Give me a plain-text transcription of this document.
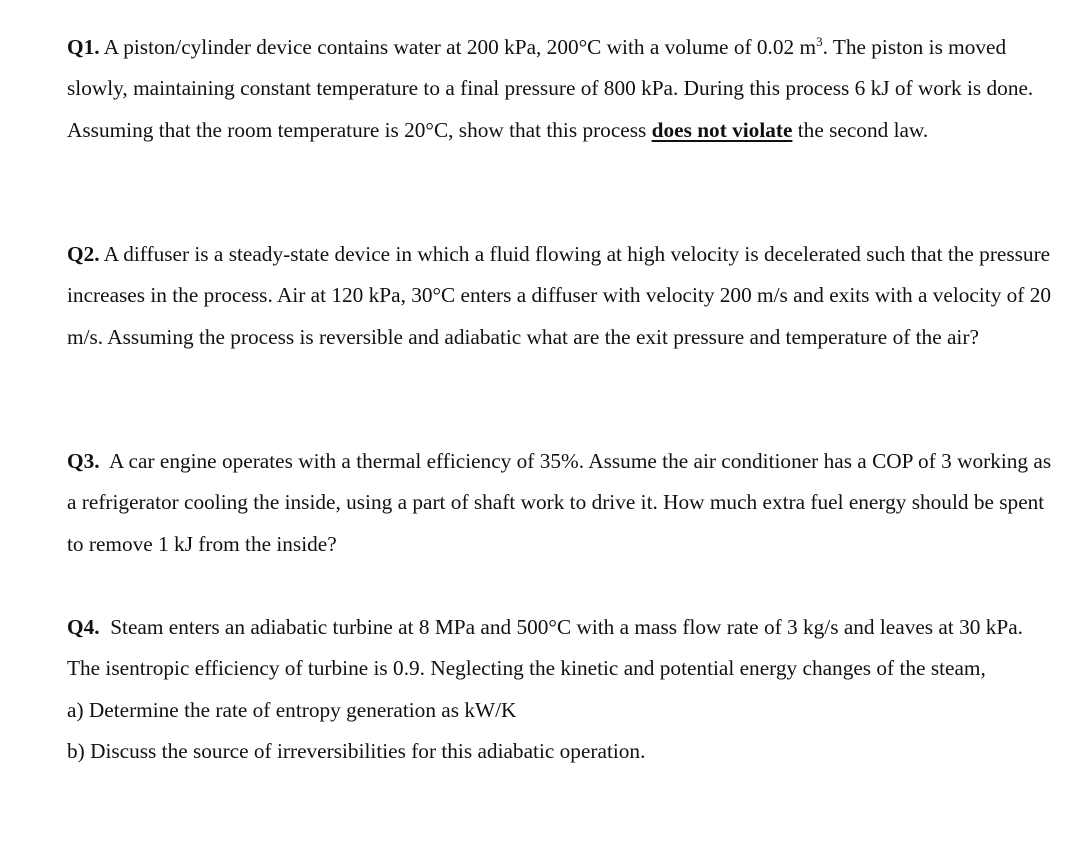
Q1. A piston/cylinder device contains water at 200 kPa, 200°C with a volume of 0.02 $m^3$. The piston is moved slowly, maintaining constant temperature to a final pressure of 800 kPa. During this process 6 kJ of work is done. Assuming that the room temperature is 20°C, show that this process does not violate the second law.

Q2. A diffuser is a steady-state device in which a fluid flowing at high velocity is decelerated such that the pressure increases in the process. Air at 120 kPa, 30°C enters a diffuser with velocity 200 m/s and exits with a velocity of 20 m/s. Assuming the process is reversible and adiabatic what are the exit pressure and temperature of the air?

Q3.  A car engine operates with a thermal efficiency of 35%. Assume the air conditioner has a COP of 3 working as a refrigerator cooling the inside, using a part of shaft work to drive it. How much extra fuel energy should be spent to remove 1 kJ from the inside?

Q4.  Steam enters an adiabatic turbine at 8 MPa and 500°C with a mass flow rate of 3 kg/s and leaves at 30 kPa. The isentropic efficiency of turbine is 0.9. Neglecting the kinetic and potential energy changes of the steam,
a) Determine the rate of entropy generation as kW/K
b) Discuss the source of irreversibilities for this adiabatic operation.
